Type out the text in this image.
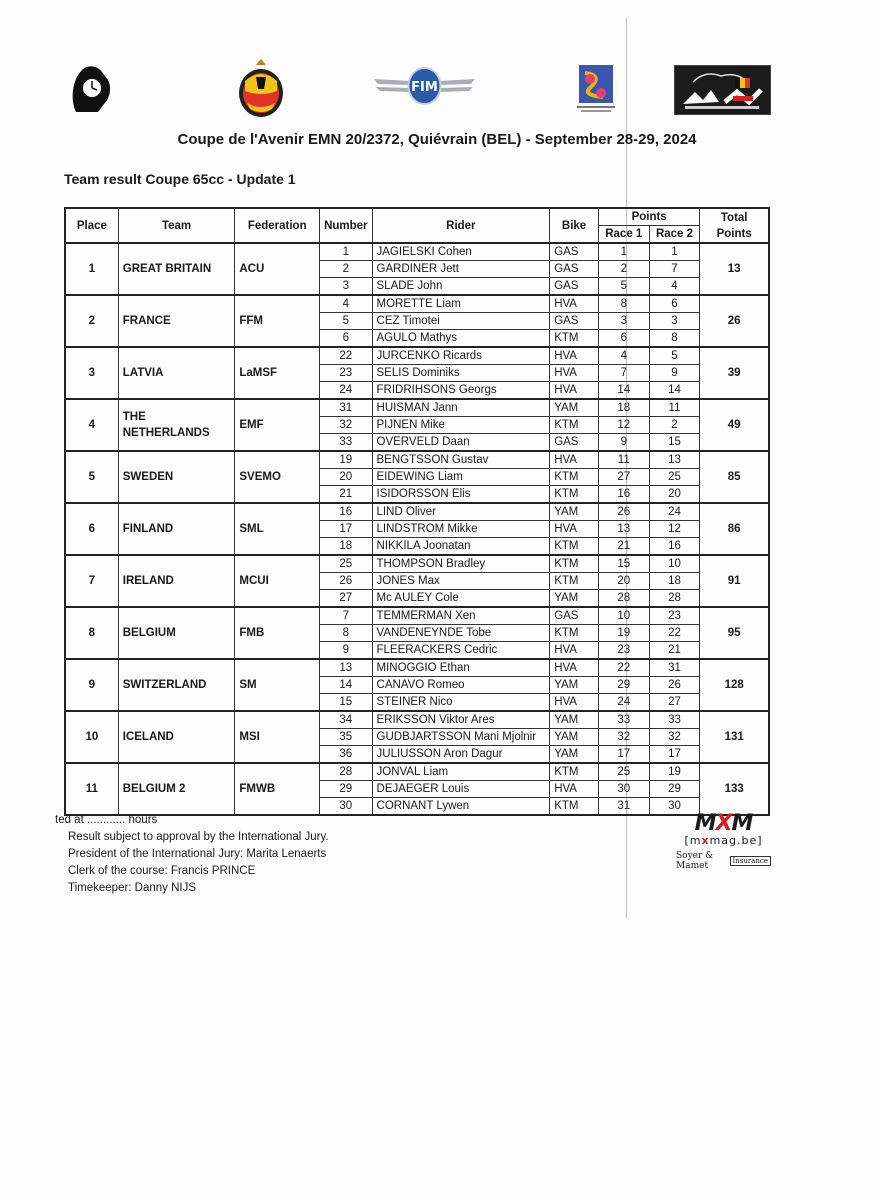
FIM
Coupe de l'Avenir EMN 20/2372, Quiévrain (BEL) - September 28-29, 2024
Team result Coupe 65cc - Update 1
Place	Team	Federation	Number	Rider	Bike	Points		Total Points
						Race 1	Race 2	
1	GREAT BRITAIN	ACU	1	JAGIELSKI Cohen	GAS	1	1	13
			2	GARDINER Jett	GAS	2	7	
			3	SLADE John	GAS	5	4	
2	FRANCE	FFM	4	MORETTE Liam	HVA	8	6	26
			5	CEZ Timotei	GAS	3	3	
			6	AGULO Mathys	KTM	6	8	
3	LATVIA	LaMSF	22	JURCENKO Ricards	HVA	4	5	39
			23	SELIS Dominiks	HVA	7	9	
			24	FRIDRIHSONS Georgs	HVA	14	14	
4	THE NETHERLANDS	EMF	31	HUISMAN Jann	YAM	18	11	49
			32	PIJNEN Mike	KTM	12	2	
			33	OVERVELD Daan	GAS	9	15	
5	SWEDEN	SVEMO	19	BENGTSSON Gustav	HVA	11	13	85
			20	EIDEWING Liam	KTM	27	25	
			21	ISIDORSSON Elis	KTM	16	20	
6	FINLAND	SML	16	LIND Oliver	YAM	26	24	86
			17	LINDSTROM Mikke	HVA	13	12	
			18	NIKKILA Joonatan	KTM	21	16	
7	IRELAND	MCUI	25	THOMPSON Bradley	KTM	15	10	91
			26	JONES Max	KTM	20	18	
			27	Mc AULEY Cole	YAM	28	28	
8	BELGIUM	FMB	7	TEMMERMAN Xen	GAS	10	23	95
			8	VANDENEYNDE Tobe	KTM	19	22	
			9	FLEERACKERS Cedric	HVA	23	21	
9	SWITZERLAND	SM	13	MINOGGIO Ethan	HVA	22	31	128
			14	CANAVO Romeo	YAM	29	26	
			15	STEINER Nico	HVA	24	27	
10	ICELAND	MSI	34	ERIKSSON Viktor Ares	YAM	33	33	131
			35	GUDBJARTSSON Mani Mjolnir	YAM	32	32	
			36	JULIUSSON Aron Dagur	YAM	17	17	
11	BELGIUM 2	FMWB	28	JONVAL Liam	KTM	25	19	133
			29	DEJAEGER Louis	HVA	30	29	
			30	CORNANT Lywen	KTM	31	30	
ted at ............ hours
Result subject to approval by the International Jury.
President of the International Jury: Marita Lenaerts
Clerk of the course: Francis PRINCE
Timekeeper: Danny NIJS
MXM
[mxmag.be]
Soyer & Mamet	Insurance
